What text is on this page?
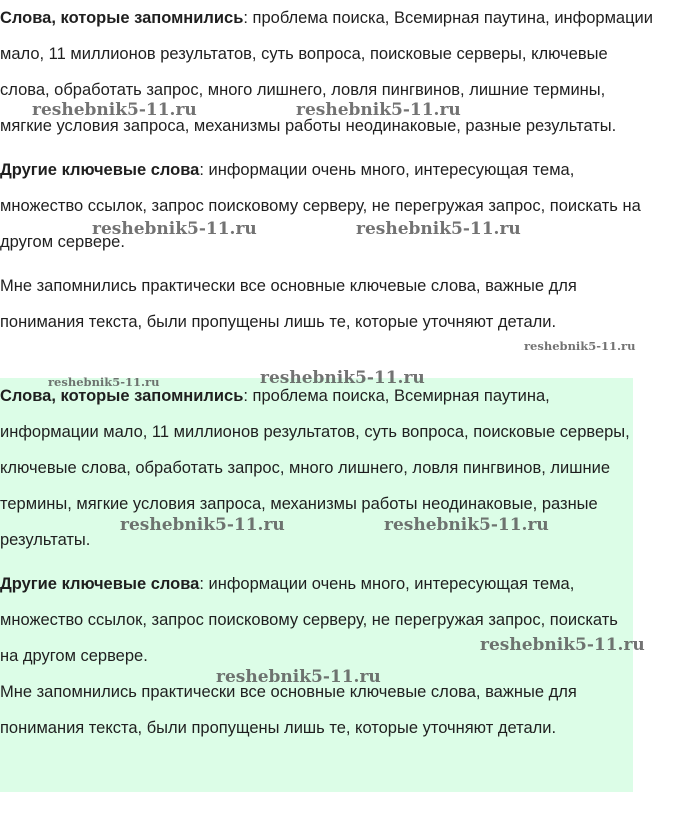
Слова, которые запомнились: проблема поиска, Всемирная паутина, информации мало, 11 миллионов результатов, суть вопроса, поисковые серверы, ключевые слова, обработать запрос, много лишнего, ловля пингвинов, лишние термины, мягкие условия запроса, механизмы работы неодинаковые, разные результаты.

Другие ключевые слова: информации очень много, интересующая тема, множество ссылок, запрос поисковому серверу, не перегружая запрос, поискать на другом сервере.

Мне запомнились практически все основные ключевые слова, важные для понимания текста, были пропущены лишь те, которые уточняют детали.

Слова, которые запомнились: проблема поиска, Всемирная паутина, информации мало, 11 миллионов результатов, суть вопроса, поисковые серверы, ключевые слова, обработать запрос, много лишнего, ловля пингвинов, лишние термины, мягкие условия запроса, механизмы работы неодинаковые, разные результаты.

Другие ключевые слова: информации очень много, интересующая тема, множество ссылок, запрос поисковому серверу, не перегружая запрос, поискать на другом сервере.

Мне запомнились практически все основные ключевые слова, важные для понимания текста, были пропущены лишь те, которые уточняют детали.

reshebnik5-11.ru	reshebnik5-11.ru
reshebnik5-11.ru	reshebnik5-11.ru
reshebnik5-11.ru
reshebnik5-11.ru	reshebnik5-11.ru
reshebnik5-11.ru	reshebnik5-11.ru
reshebnik5-11.ru
reshebnik5-11.ru
